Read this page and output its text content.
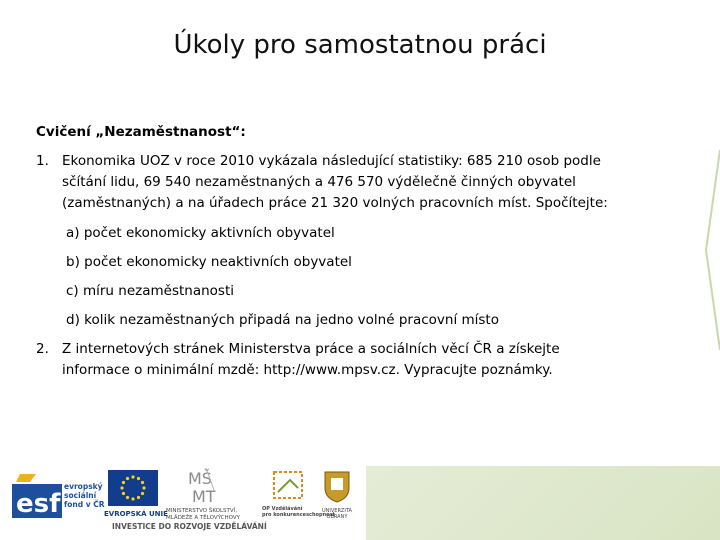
Úkoly pro samostatnou práci
Cvičení „Nezaměstnanost“:
1. Ekonomika UOZ v roce 2010 vykázala následující statistiky: 685 210 osob podle
sčítání lidu, 69 540 nezaměstnaných a 476 570 výdělečně činných obyvatel
(zaměstnaných) a na úřadech práce 21 320 volných pracovních míst. Spočítejte:
a) počet ekonomicky aktivních obyvatel
b) počet ekonomicky neaktivních obyvatel
c) míru nezaměstnanosti
d) kolik nezaměstnaných připadá na jedno volné pracovní místo
2. Z internetových stránek Ministerstva práce a sociálních věcí ČR a získejte
informace o minimální mzdě: http://www.mpsv.cz. Vypracujte poznámky.
esf
evropský
sociální
fond v ČR
EVROPSKÁ UNIE
MŠ
MT
MINISTERSTVO ŠKOLSTVÍ,
MLÁDEŽE A TĚLOVÝCHOVY
OP Vzdělávání
pro konkurenceschopnost
UNIVERZITA
OBRANY
INVESTICE DO ROZVOJE VZDĚLÁVÁNÍ
